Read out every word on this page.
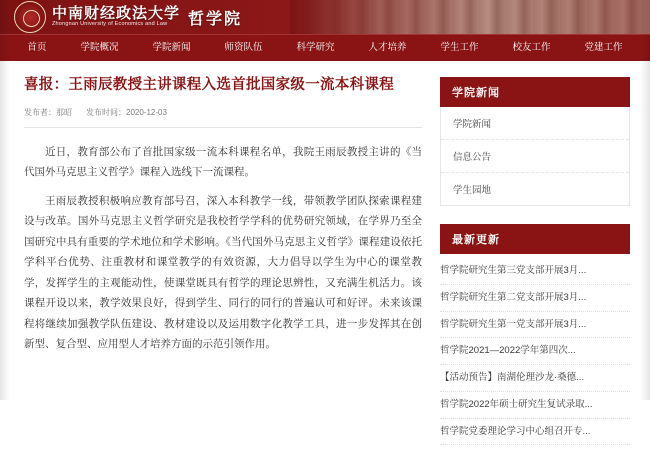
中南财经政法大学
Zhongnan University of Economics and Law	哲学院
首页	学院概况	学院新闻	师资队伍	科学研究	人才培养	学生工作	校友工作	党建工作
喜报：王雨辰教授主讲课程入选首批国家级一流本科课程
发布者：那昭 发布时间：2020-12-03

近日，教育部公布了首批国家级一流本科课程名单，我院王雨辰教授主讲的《当代国外马克思主义哲学》课程入选线下一流课程。

王雨辰教授积极响应教育部号召，深入本科教学一线，带领教学团队探索课程建设与改革。国外马克思主义哲学研究是我校哲学学科的优势研究领域，在学界乃至全国研究中具有重要的学术地位和学术影响。《当代国外马克思主义哲学》课程建设依托学科平台优势、注重教材和课堂教学的有效资源，大力倡导以学生为中心的课堂教学，发挥学生的主观能动性，使课堂既具有哲学的理论思辨性，又充满生机活力。该课程开设以来，教学效果良好，得到学生、同行的同行的普遍认可和好评。未来该课程将继续加强教学队伍建设、教材建设以及运用数字化教学工具，进一步发挥其在创新型、复合型、应用型人才培养方面的示范引领作用。

学院新闻
学院新闻
信息公告
学生园地
最新更新
哲学院研究生第三党支部开展3月...
哲学院研究生第二党支部开展3月...
哲学院研究生第一党支部开展3月...
哲学院2021—2022学年第四次...
【活动预告】南湖伦理沙龙·桑德...
哲学院2022年硕士研究生复试录取...
哲学院党委理论学习中心组召开专...
